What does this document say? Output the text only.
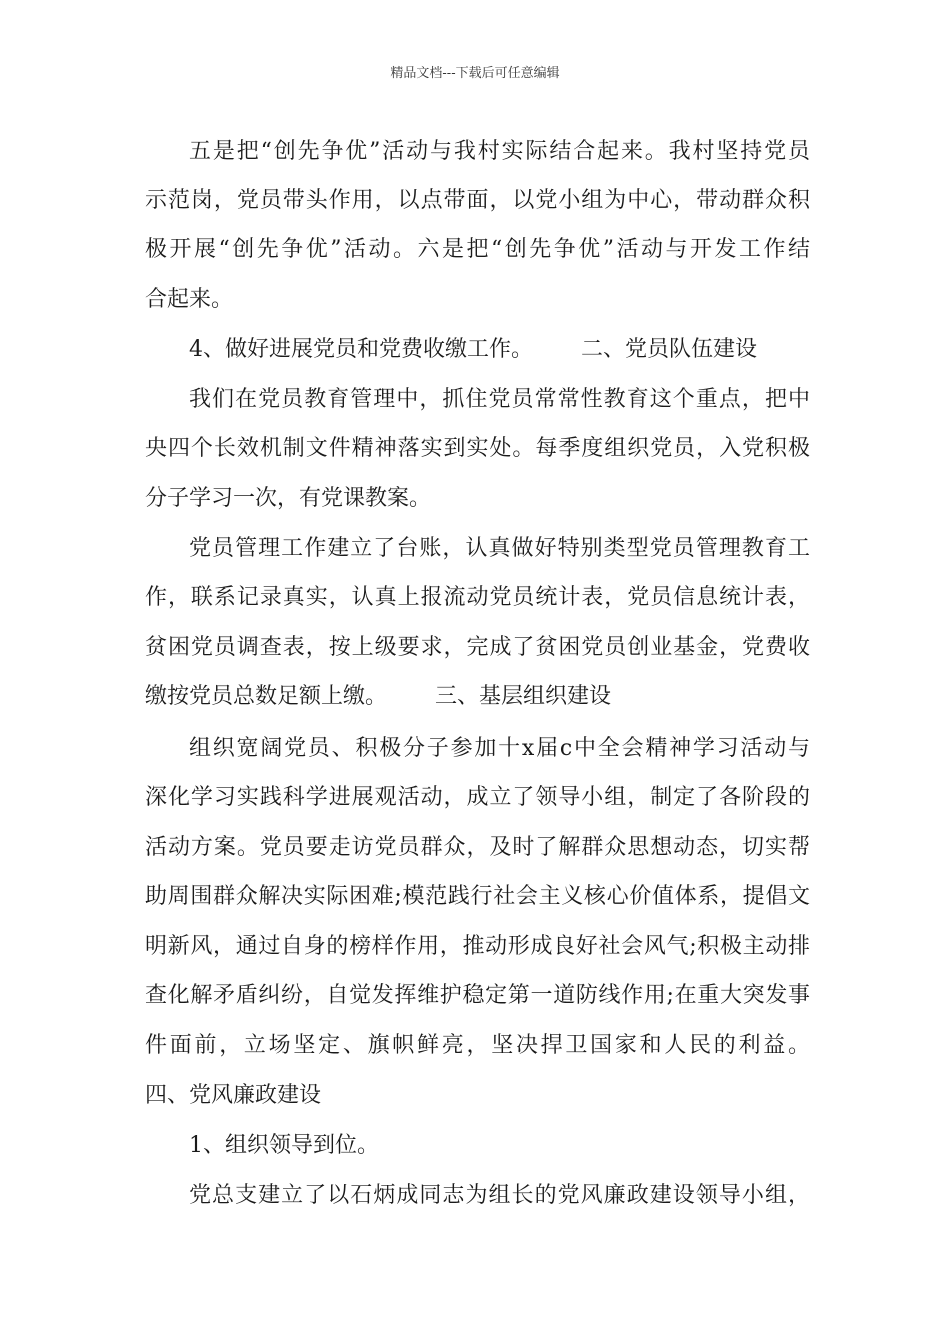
精品文档---下载后可任意编辑
五是把“创先争优”活动与我村实际结合起来。我村坚持党员
示范岗，党员带头作用，以点带面，以党小组为中心，带动群众积
极开展“创先争优”活动。六是把“创先争优”活动与开发工作结
合起来。
4、做好进展党员和党费收缴工作。 二、党员队伍建设
我们在党员教育管理中，抓住党员常常性教育这个重点，把中
央四个长效机制文件精神落实到实处。每季度组织党员，入党积极
分子学习一次，有党课教案。
党员管理工作建立了台账，认真做好特别类型党员管理教育工
作，联系记录真实，认真上报流动党员统计表，党员信息统计表，
贫困党员调查表，按上级要求，完成了贫困党员创业基金，党费收
缴按党员总数足额上缴。 三、基层组织建设
组织宽阔党员、积极分子参加十x届c中全会精神学习活动与
深化学习实践科学进展观活动，成立了领导小组，制定了各阶段的
活动方案。党员要走访党员群众，及时了解群众思想动态，切实帮
助周围群众解决实际困难;模范践行社会主义核心价值体系，提倡文
明新风，通过自身的榜样作用，推动形成良好社会风气;积极主动排
查化解矛盾纠纷，自觉发挥维护稳定第一道防线作用;在重大突发事
件面前，立场坚定、旗帜鲜亮，坚决捍卫国家和人民的利益。
四、党风廉政建设
1、组织领导到位。
党总支建立了以石炳成同志为组长的党风廉政建设领导小组，
